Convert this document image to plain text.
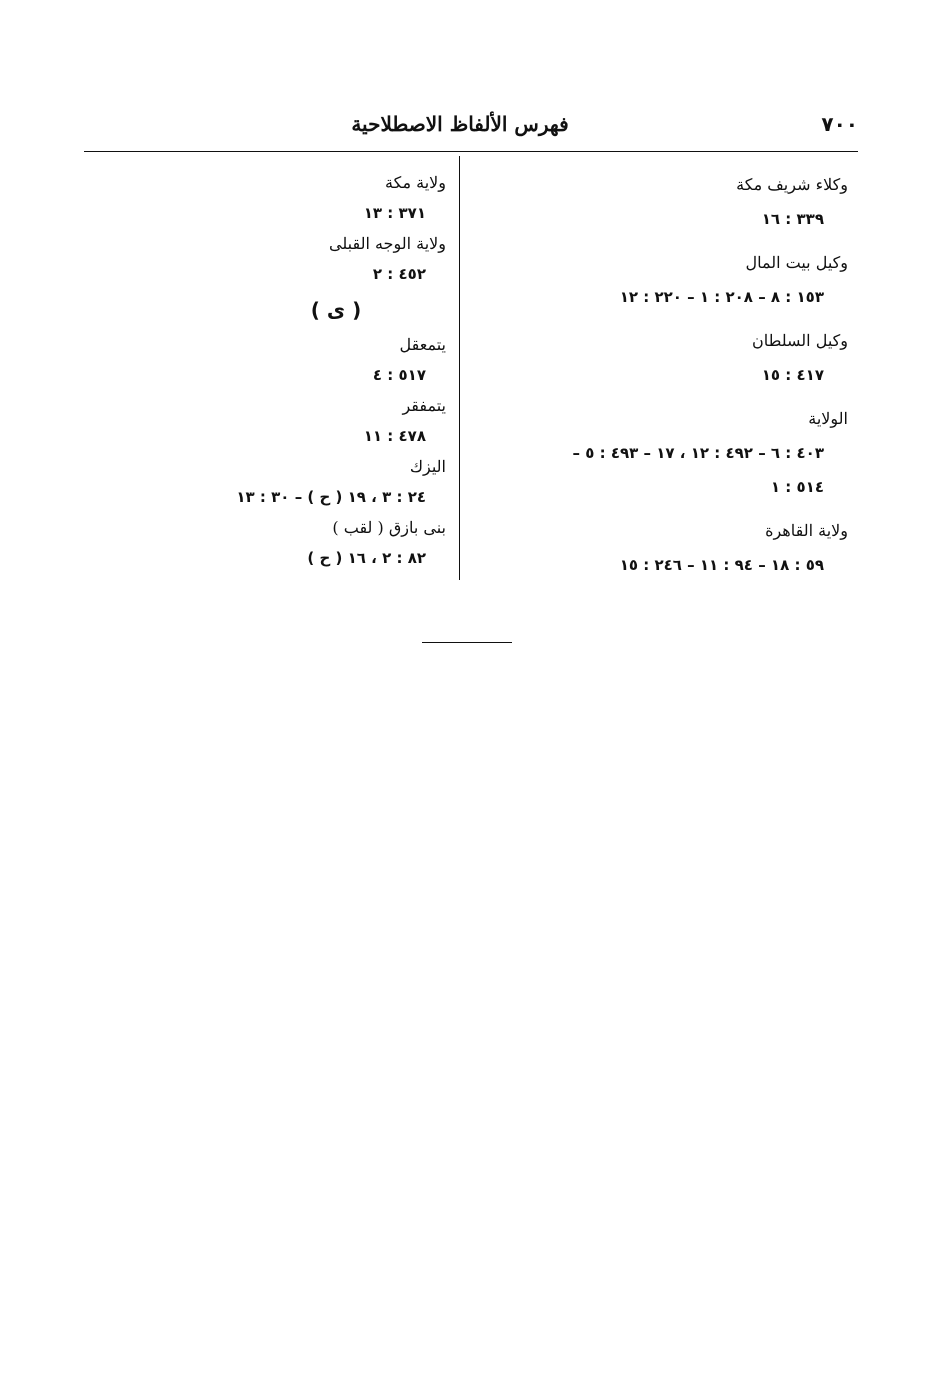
٧٠٠
فهرس الألفاظ الاصطلاحية
وكلاء شريف مكة
٣٣٩ : ١٦
وكيل بيت المال
١٥٣ : ٨ – ٢٠٨ : ١ – ٢٢٠ : ١٢
وكيل السلطان
٤١٧ : ١٥
الولاية
٤٠٣ : ٦ – ٤٩٢ : ١٢ ، ١٧ – ٤٩٣ : ٥ –
٥١٤ : ١
ولاية القاهرة
٥٩ : ١٨ – ٩٤ : ١١ – ٢٤٦ : ١٥
ولاية مكة
٣٧١ : ١٣
ولاية الوجه القبلى
٤٥٢ : ٢
( ى )
يتمعقل
٥١٧ : ٤
يتمفقر
٤٧٨ : ١١
اليزك
٢٤ : ٣ ، ١٩ ( ح ) – ٣٠ : ١٣
بنى بازق ( لقب )
٨٢ : ٢ ، ١٦ ( ح )
